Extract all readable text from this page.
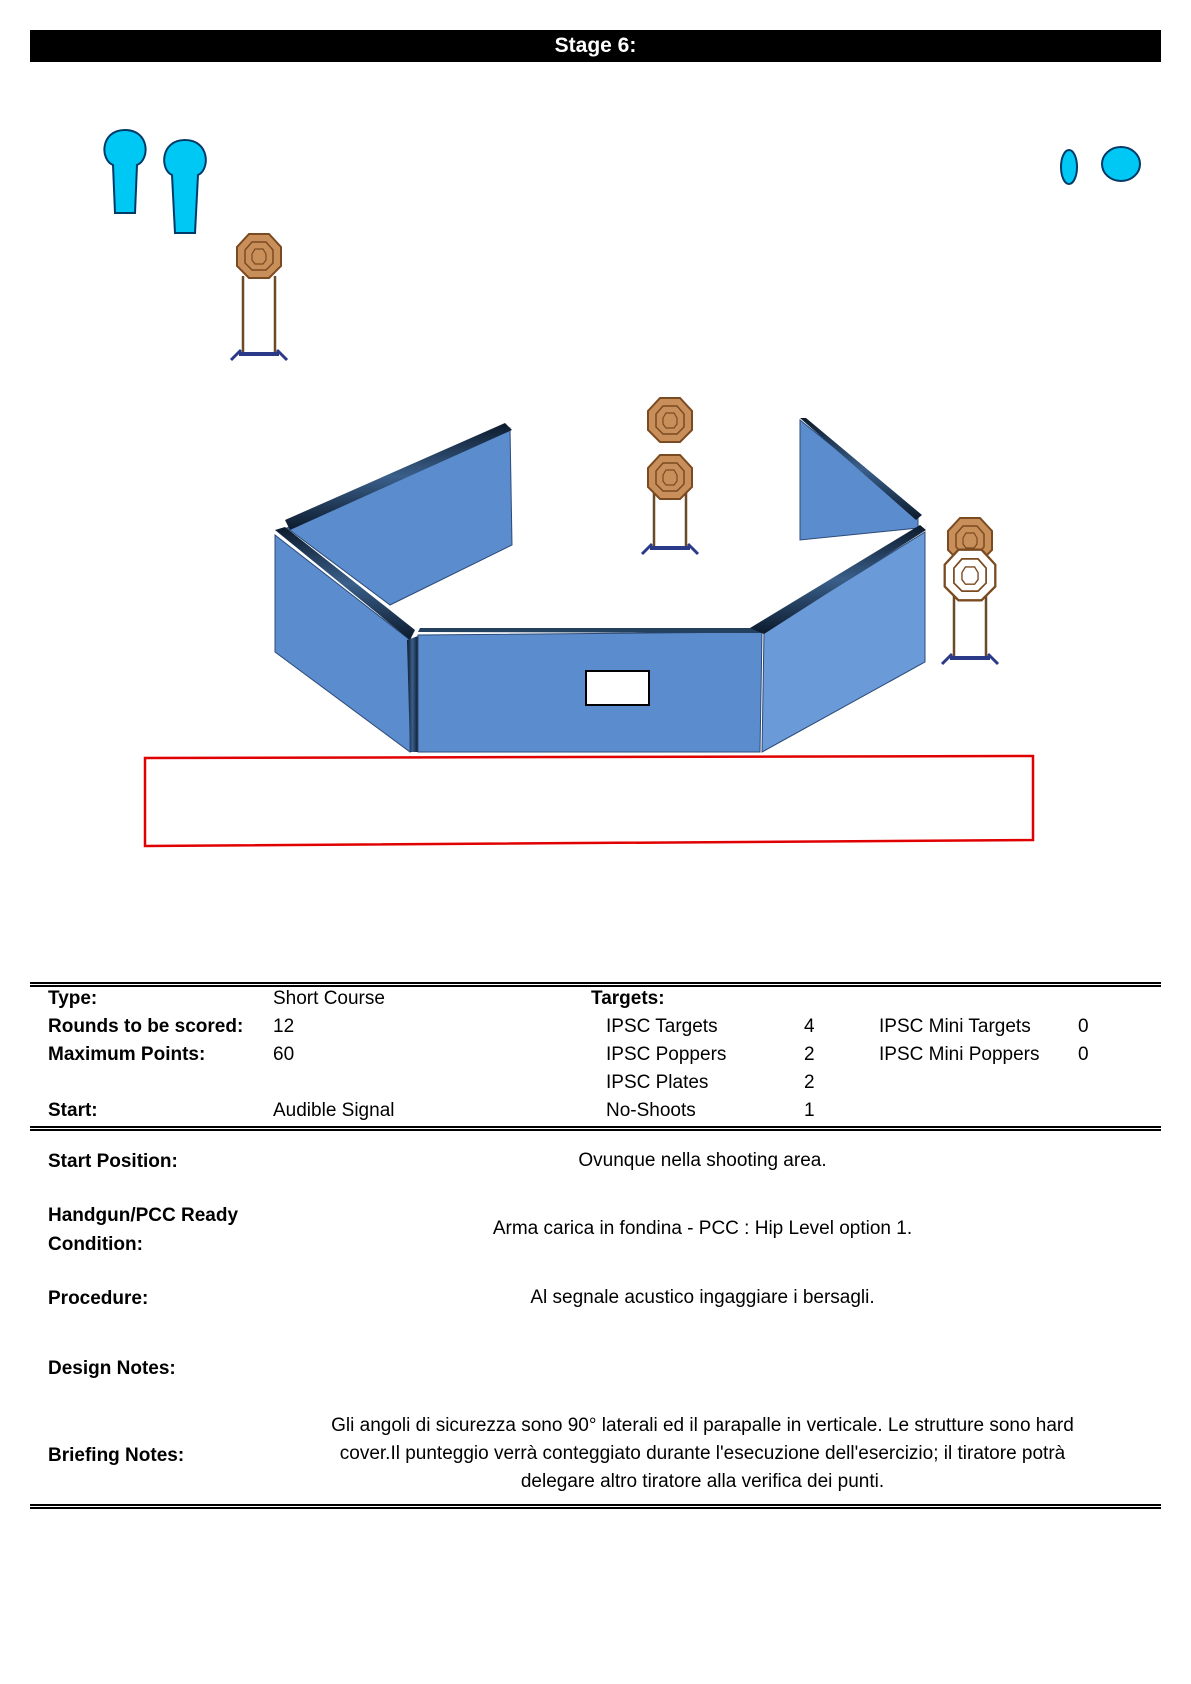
Stage 6:
Type:	Short Course	Targets:
Rounds to be scored: 12	IPSC Targets	4	IPSC Mini Targets 0
Maximum Points:	60	IPSC Poppers	2	IPSC Mini Poppers 0
IPSC Plates	2
Start:	Audible Signal	No-Shoots	1
Start Position:	Ovunque nella shooting area.
Handgun/PCC Ready
Condition:
Arma carica in fondina - PCC : Hip Level option 1.
Procedure:	Al segnale acustico ingaggiare i bersagli.
Design Notes:
Briefing Notes:
Gli angoli di sicurezza sono 90° laterali ed il parapalle in verticale. Le strutture sono hard
cover.Il punteggio verrà conteggiato durante l'esecuzione dell'esercizio; il tiratore potrà
delegare altro tiratore alla verifica dei punti.
